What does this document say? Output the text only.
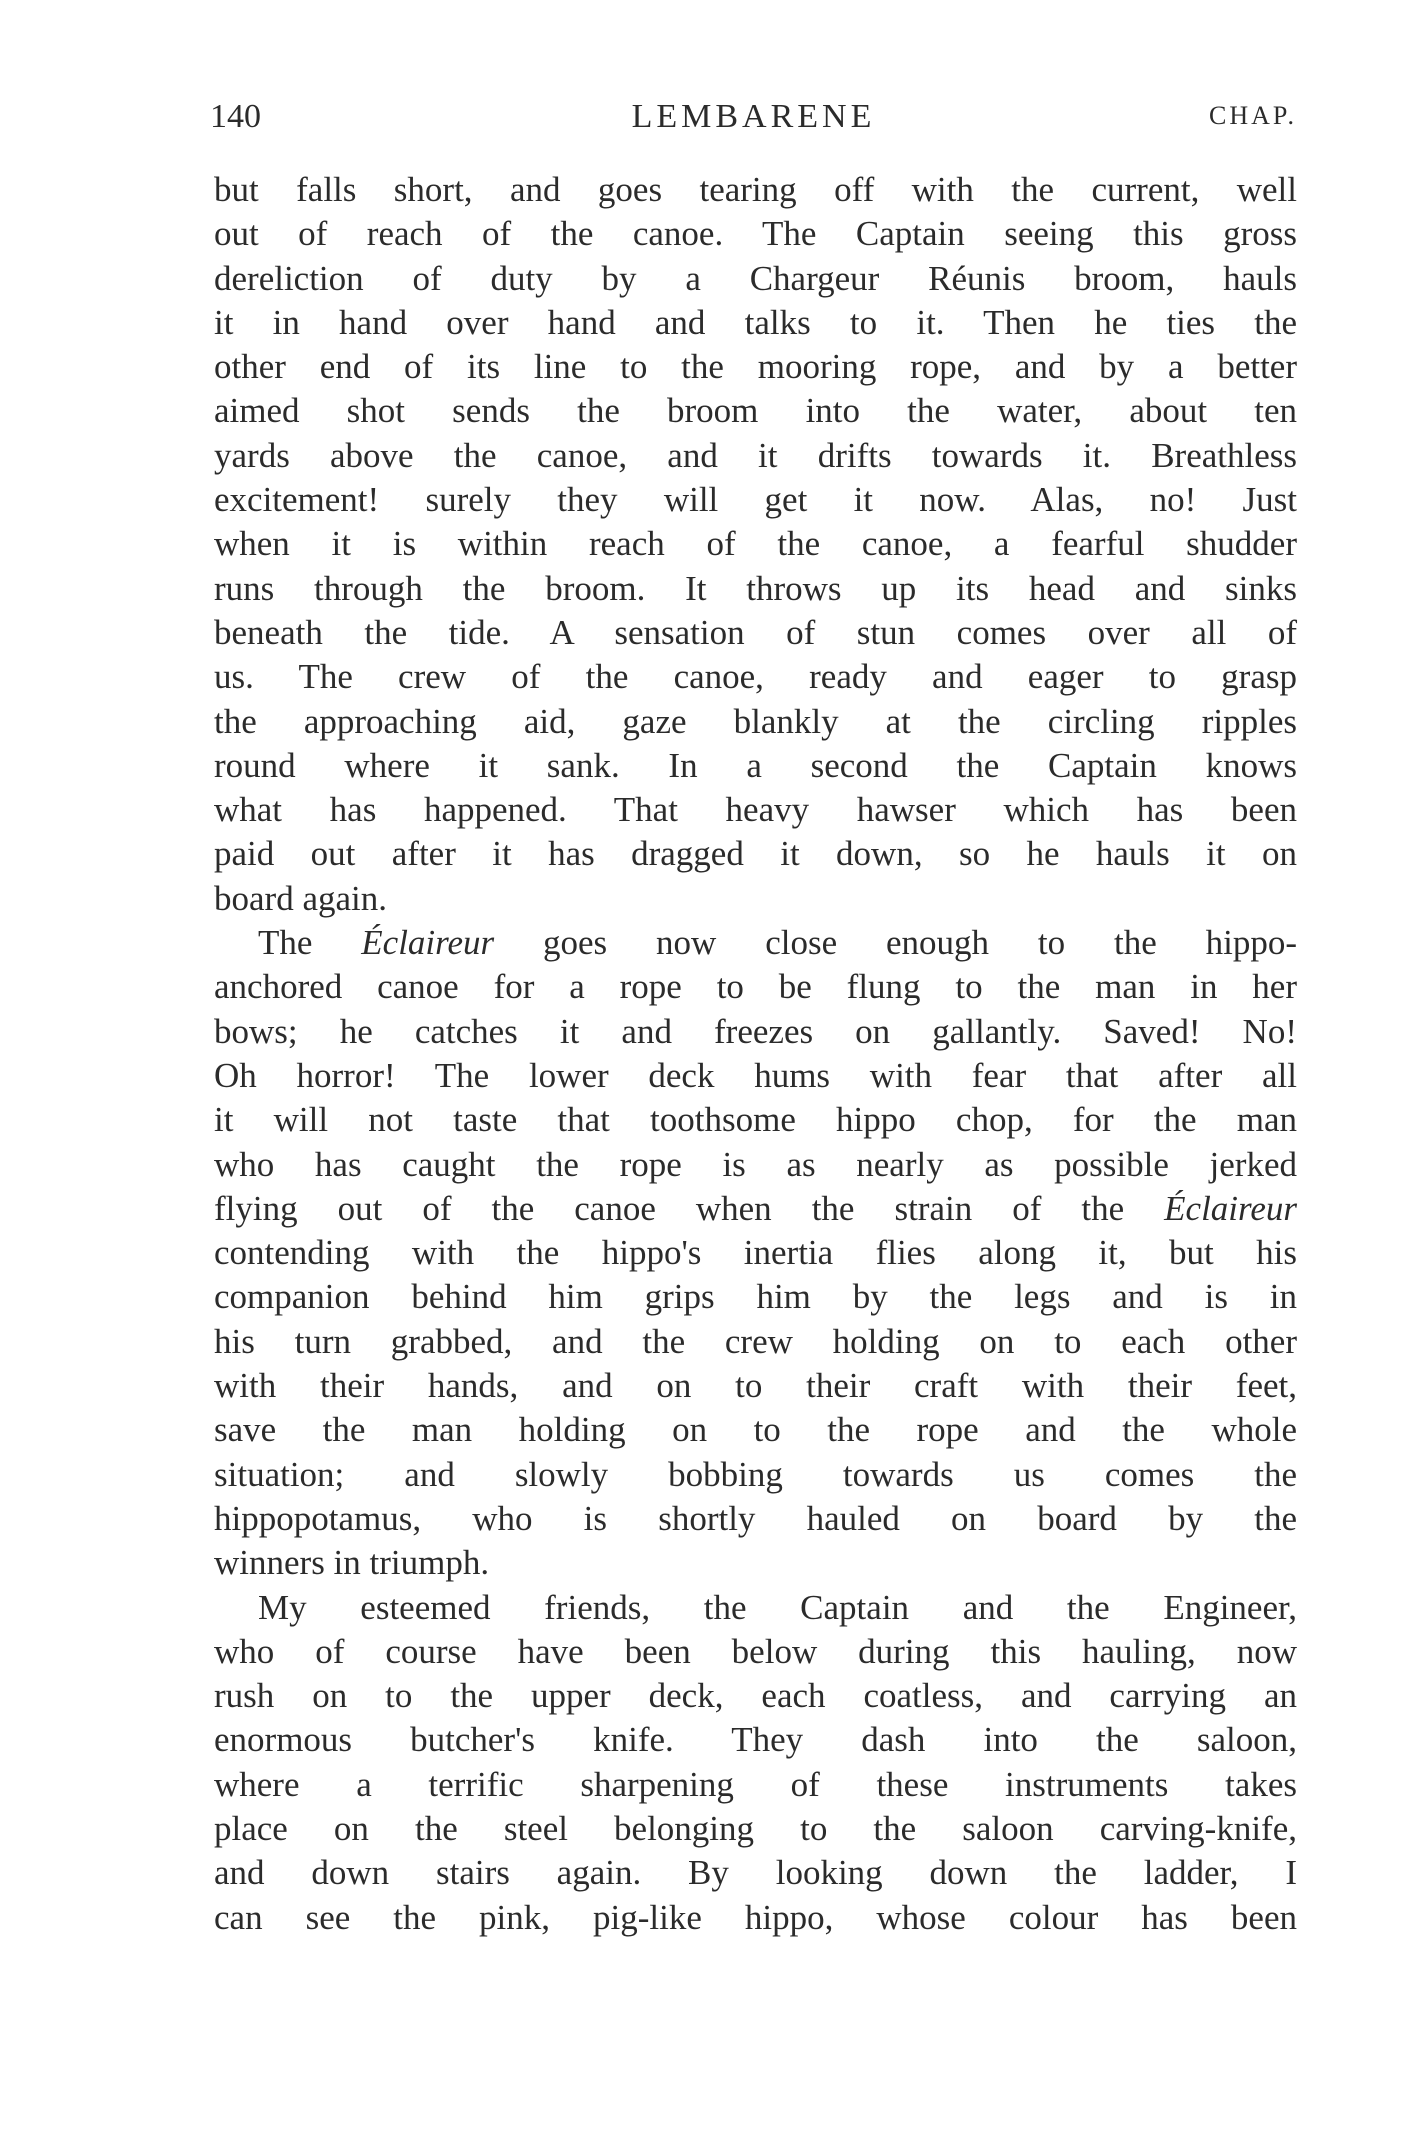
140	LEMBARENE	CHAP.
but falls short, and goes tearing off with the current, well
out of reach of the canoe. The Captain seeing this gross
dereliction of duty by a Chargeur Réunis broom, hauls
it in hand over hand and talks to it. Then he ties the
other end of its line to the mooring rope, and by a better
aimed shot sends the broom into the water, about ten
yards above the canoe, and it drifts towards it. Breathless
excitement! surely they will get it now. Alas, no! Just
when it is within reach of the canoe, a fearful shudder
runs through the broom. It throws up its head and sinks
beneath the tide. A sensation of stun comes over all of
us. The crew of the canoe, ready and eager to grasp
the approaching aid, gaze blankly at the circling ripples
round where it sank. In a second the Captain knows
what has happened. That heavy hawser which has been
paid out after it has dragged it down, so he hauls it on
board again.
The Éclaireur goes now close enough to the hippo-
anchored canoe for a rope to be flung to the man in her
bows; he catches it and freezes on gallantly. Saved! No!
Oh horror! The lower deck hums with fear that after all
it will not taste that toothsome hippo chop, for the man
who has caught the rope is as nearly as possible jerked
flying out of the canoe when the strain of the Éclaireur
contending with the hippo's inertia flies along it, but his
companion behind him grips him by the legs and is in
his turn grabbed, and the crew holding on to each other
with their hands, and on to their craft with their feet,
save the man holding on to the rope and the whole
situation; and slowly bobbing towards us comes the
hippopotamus, who is shortly hauled on board by the
winners in triumph.
My esteemed friends, the Captain and the Engineer,
who of course have been below during this hauling, now
rush on to the upper deck, each coatless, and carrying an
enormous butcher's knife. They dash into the saloon,
where a terrific sharpening of these instruments takes
place on the steel belonging to the saloon carving-knife,
and down stairs again. By looking down the ladder, I
can see the pink, pig-like hippo, whose colour has been
